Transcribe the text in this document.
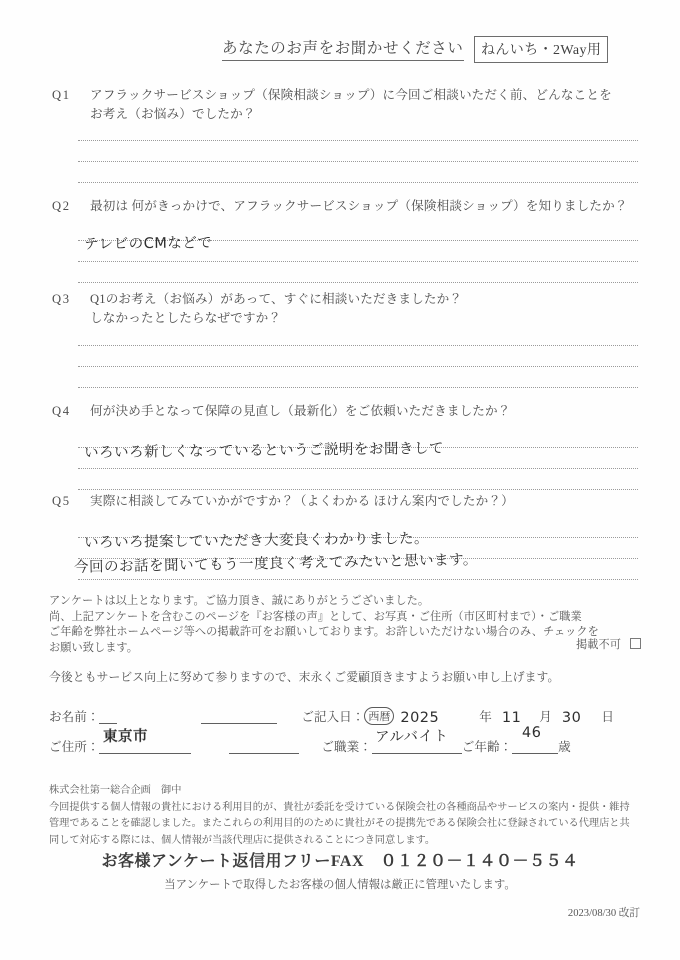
あなたのお声をお聞かせください	ねんいち・2Way用
Q1 アフラックサービスショップ（保険相談ショップ）に今回ご相談いただく前、どんなことを
お考え（お悩み）でしたか？
Q2 最初は 何がきっかけで、アフラックサービスショップ（保険相談ショップ）を知りましたか？
テレビのCMなどで
Q3 Q1のお考え（お悩み）があって、すぐに相談いただきましたか？
しなかったとしたらなぜですか？
Q4 何が決め手となって保障の見直し（最新化）をご依頼いただきましたか？
いろいろ新しくなっているというご説明をお聞きして
Q5 実際に相談してみていかがですか？（よくわかる ほけん案内でしたか？）
いろいろ提案していただき大変良くわかりました。
今回のお話を聞いてもう一度良く考えてみたいと思います。

アンケートは以上となります。ご協力頂き、誠にありがとうございました。

尚、上記アンケートを含むこのページを『お客様の声』として、お写真・ご住所（市区町村まで）・ご職業

ご年齢を弊社ホームページ等への掲載許可をお願いしております。お許しいただけない場合のみ、チェックを

お願い致します。	掲載不可
今後ともサービス向上に努めて参りますので、末永くご愛顧頂きますようお願い申し上げます。
お名前：	ご記入日： 西暦 2025	年 11 月 30 日
ご住所：
東京市
ご職業：
アルバイト
ご年齢：
46
歳
株式会社第一総合企画　御中
今回提供する個人情報の貴社における利用目的が、貴社が委託を受けている保険会社の各種商品やサービスの案内・提供・維持
管理であることを確認しました。またこれらの利用目的のために貴社がその提携先である保険会社に登録されている代理店と共
同して対応する際には、個人情報が当該代理店に提供されることにつき同意します。
お客様アンケート返信用フリーFAX　０１２０－１４０－５５４
当アンケートで取得したお客様の個人情報は厳正に管理いたします。
2023/08/30 改訂
